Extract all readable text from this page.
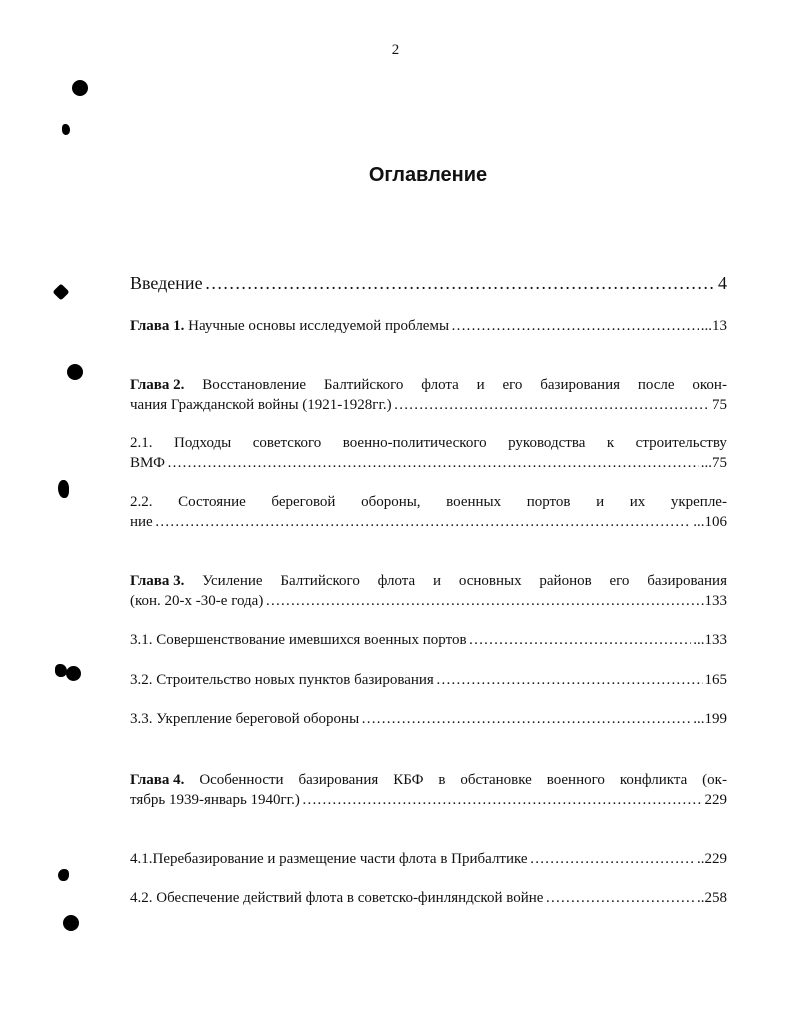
2
Оглавление
Введение …………………………………………………………………………………………………………………………………………………………………………	4
Глава 1. Научные основы исследуемой проблемы …………………………………………………………………………………………………………………………………………………………………………	...13
Глава 2. Восстановление Балтийского флота и его базирования после окон-
чания Гражданской войны (1921-1928гг.) …………………………………………………………………………………………………………………………………………………………………………	75
2.1. Подходы советского военно-политического руководства к строительству
ВМФ …………………………………………………………………………………………………………………………………………………………………………	...75
2.2. Состояние береговой обороны, военных портов и их укрепле-
ние …………………………………………………………………………………………………………………………………………………………………………	...106
Глава 3. Усиление Балтийского флота и основных районов его базирования
(кон. 20-х -30-е года) …………………………………………………………………………………………………………………………………………………………………………	.133
3.1. Совершенствование имевшихся военных портов …………………………………………………………………………………………………………………………………………………………………………	...133
3.2. Строительство новых пунктов базирования …………………………………………………………………………………………………………………………………………………………………………	165
3.3. Укрепление береговой обороны …………………………………………………………………………………………………………………………………………………………………………	...199
Глава 4. Особенности базирования КБФ в обстановке военного конфликта (ок-
тябрь 1939-январь 1940гг.) …………………………………………………………………………………………………………………………………………………………………………	229
4.1.Перебазирование и размещение части флота в Прибалтике …………………………………………………………………………………………………………………………………………………………………………	..229
4.2. Обеспечение действий флота в советско-финляндской войне …………………………………………………………………………………………………………………………………………………………………………	..258
